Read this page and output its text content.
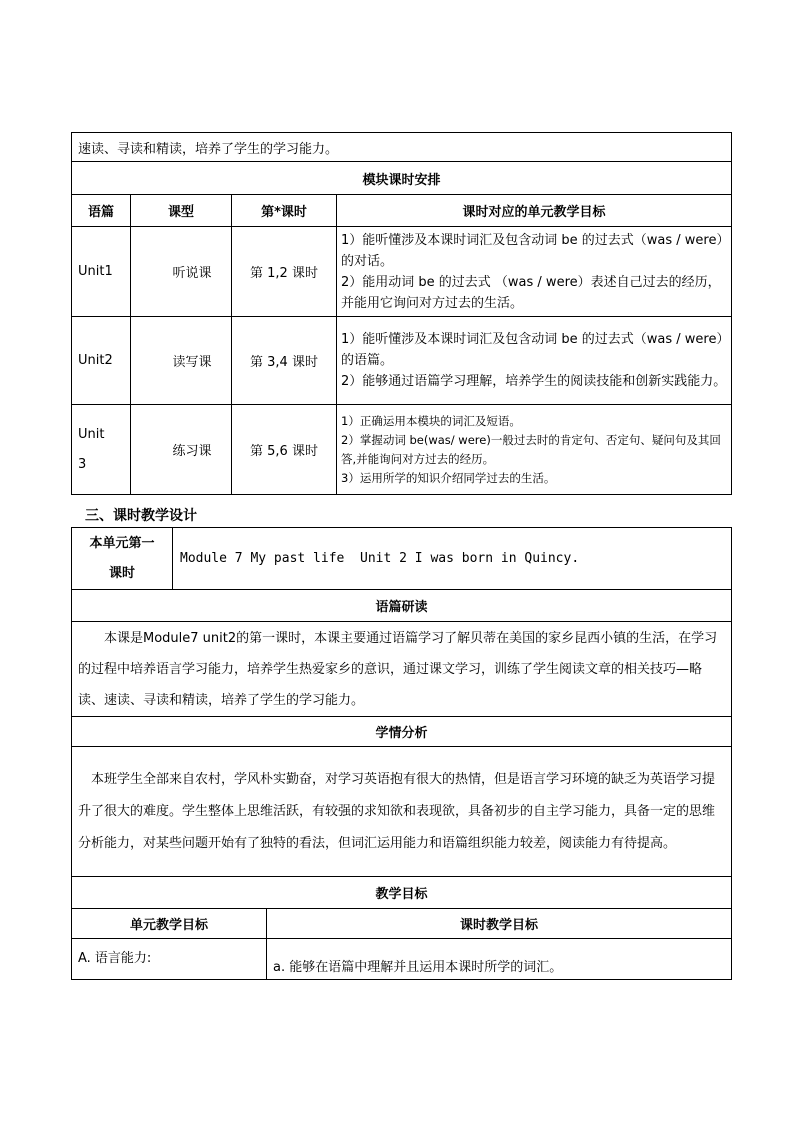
速读、寻读和精读，培养了学生的学习能力。			
模块课时安排			
语篇	课型	第*课时	课时对应的单元教学目标
Unit1	听说课	第 1,2 课时	1）能听懂涉及本课时词汇及包含动词 be 的过去式（was / were）的对话。
2）能用动词 be 的过去式 （was / were）表述自己过去的经历，并能用它询问对方过去的生活。

Unit2	读写课	第 3,4 课时	1）能听懂涉及本课时词汇及包含动词 be 的过去式（was / were）的语篇。
2）能够通过语篇学习理解，培养学生的阅读技能和创新实践能力。

Unit 3	练习课	第 5,6 课时	1）正确运用本模块的词汇及短语。
2）掌握动词 be(was/ were)一般过去时的肯定句、否定句、疑问句及其回答,并能询问对方过去的经历。
3）运用所学的知识介绍同学过去的生活。
三、课时教学设计
本单元第一课时	Module 7 My past life  Unit 2 I was born in Quincy.	
语篇研读		
本课是Module7 unit2的第一课时，本课主要通过语篇学习了解贝蒂在美国的家乡昆西小镇的生活，在学习的过程中培养语言学习能力，培养学生热爱家乡的意识，通过课文学习，训练了学生阅读文章的相关技巧—略读、速读、寻读和精读，培养了学生的学习能力。		
学情分析		
本班学生全部来自农村，学风朴实勤奋，对学习英语抱有很大的热情，但是语言学习环境的缺乏为英语学习提升了很大的难度。学生整体上思维活跃，有较强的求知欲和表现欲，具备初步的自主学习能力，具备一定的思维分析能力，对某些问题开始有了独特的看法，但词汇运用能力和语篇组织能力较差，阅读能力有待提高。		
教学目标		
单元教学目标		课时教学目标
A. 语言能力:		a. 能够在语篇中理解并且运用本课时所学的词汇。
